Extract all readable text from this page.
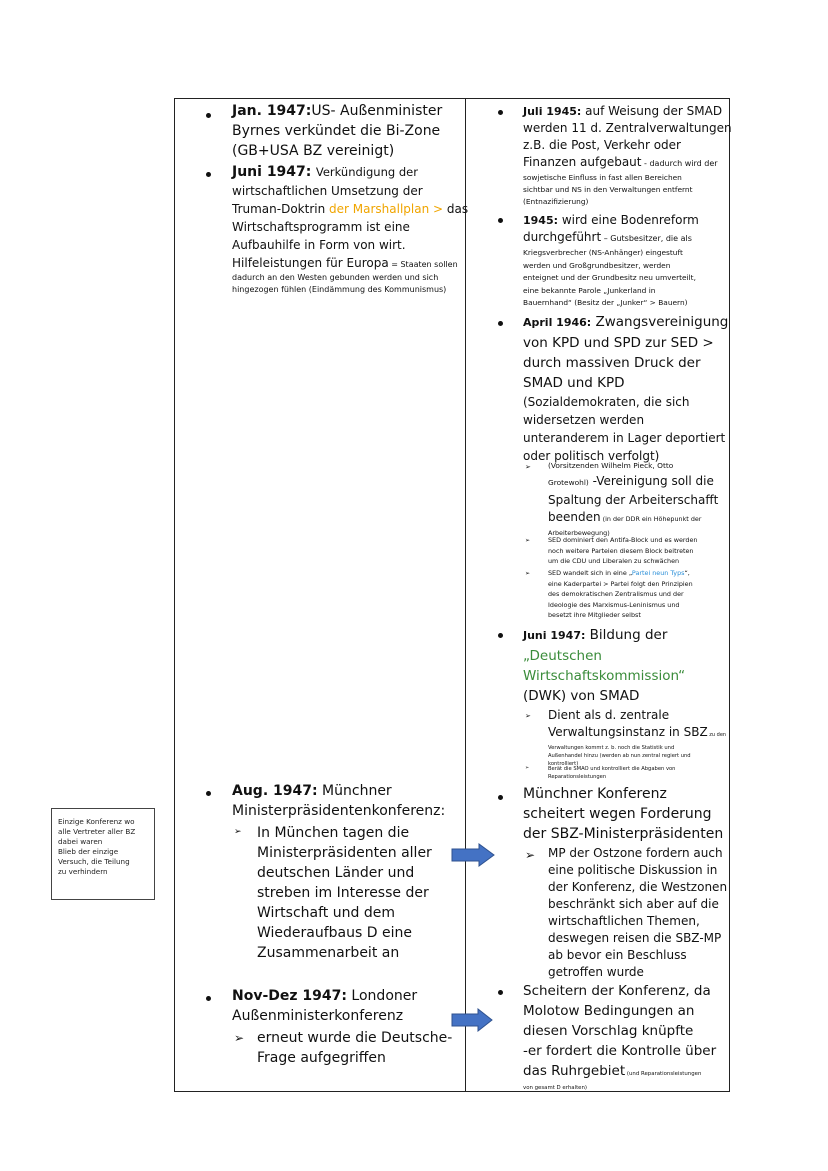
Jan. 1947:US- Außenminister
Byrnes verkündet die Bi-Zone
(GB+USA BZ vereinigt)
Juni 1947: Verkündigung der
wirtschaftlichen Umsetzung der
Truman-Doktrin der Marshallplan > das
Wirtschaftsprogramm ist eine
Aufbauhilfe in Form von wirt.
Hilfeleistungen für Europa = Staaten sollen
dadurch an den Westen gebunden werden und sich
hingezogen fühlen (Eindämmung des Kommunismus)
Aug. 1947: Münchner
Ministerpräsidentenkonferenz:
➢ In München tagen die
Ministerpräsidenten aller
deutschen Länder und
streben im Interesse der
Wirtschaft und dem
Wiederaufbaus D eine
Zusammenarbeit an
Nov-Dez 1947: Londoner
Außenministerkonferenz
➢ erneut wurde die Deutsche-
Frage aufgegriffen
Juli 1945: auf Weisung der SMAD
werden 11 d. Zentralverwaltungen
z.B. die Post, Verkehr oder
Finanzen aufgebaut - dadurch wird der
sowjetische Einfluss in fast allen Bereichen
sichtbar und NS in den Verwaltungen entfernt
(Entnazifizierung)
1945: wird eine Bodenreform
durchgeführt – Gutsbesitzer, die als
Kriegsverbrecher (NS-Anhänger) eingestuft
werden und Großgrundbesitzer, werden
enteignet und der Grundbesitz neu umverteilt,
eine bekannte Parole „Junkerland in
Bauernhand“ (Besitz der „Junker“ > Bauern)
April 1946: Zwangsvereinigung
von KPD und SPD zur SED >
durch massiven Druck der
SMAD und KPD
(Sozialdemokraten, die sich
widersetzen werden
unteranderem in Lager deportiert
oder politisch verfolgt)
➢ (Vorsitzenden Wilhelm Pieck, Otto
Grotewohl) -Vereinigung soll die
Spaltung der Arbeiterschafft
beenden (in der DDR ein Höhepunkt der
Arbeiterbewegung)
➢	SED dominiert den Antifa-Block und es werden
noch weitere Parteien diesem Block beitreten
um die CDU und Liberalen zu schwächen
➢	SED wandelt sich in eine „Partei neun Typs“,
eine Kaderpartei > Partei folgt den Prinzipien
des demokratischen Zentralismus und der
Ideologie des Marxismus-Leninismus und
besetzt ihre Mitglieder selbst
Juni 1947: Bildung der
„Deutschen
Wirtschaftskommission“
(DWK) von SMAD
➢ Dient als d. zentrale
Verwaltungsinstanz in SBZ zu den
Verwaltungen kommt z. b. noch die Statistik und
Außenhandel hinzu (werden ab nun zentral regiert und
kontrolliert)
➢	Berät die SMAO und kontrolliert die Abgaben von
Reparationsleistungen
Münchner Konferenz
scheitert wegen Forderung
der SBZ-Ministerpräsidenten
➢ MP der Ostzone fordern auch
eine politische Diskussion in
der Konferenz, die Westzonen
beschränkt sich aber auf die
wirtschaftlichen Themen,
deswegen reisen die SBZ-MP
ab bevor ein Beschluss
getroffen wurde
Scheitern der Konferenz, da
Molotow Bedingungen an
diesen Vorschlag knüpfte
-er fordert die Kontrolle über
das Ruhrgebiet (und Reparationsleistungen
von gesamt D erhalten)
Einzige Konferenz wo
alle Vertreter aller BZ
dabei waren
Blieb der einzige
Versuch, die Teilung
zu verhindern
